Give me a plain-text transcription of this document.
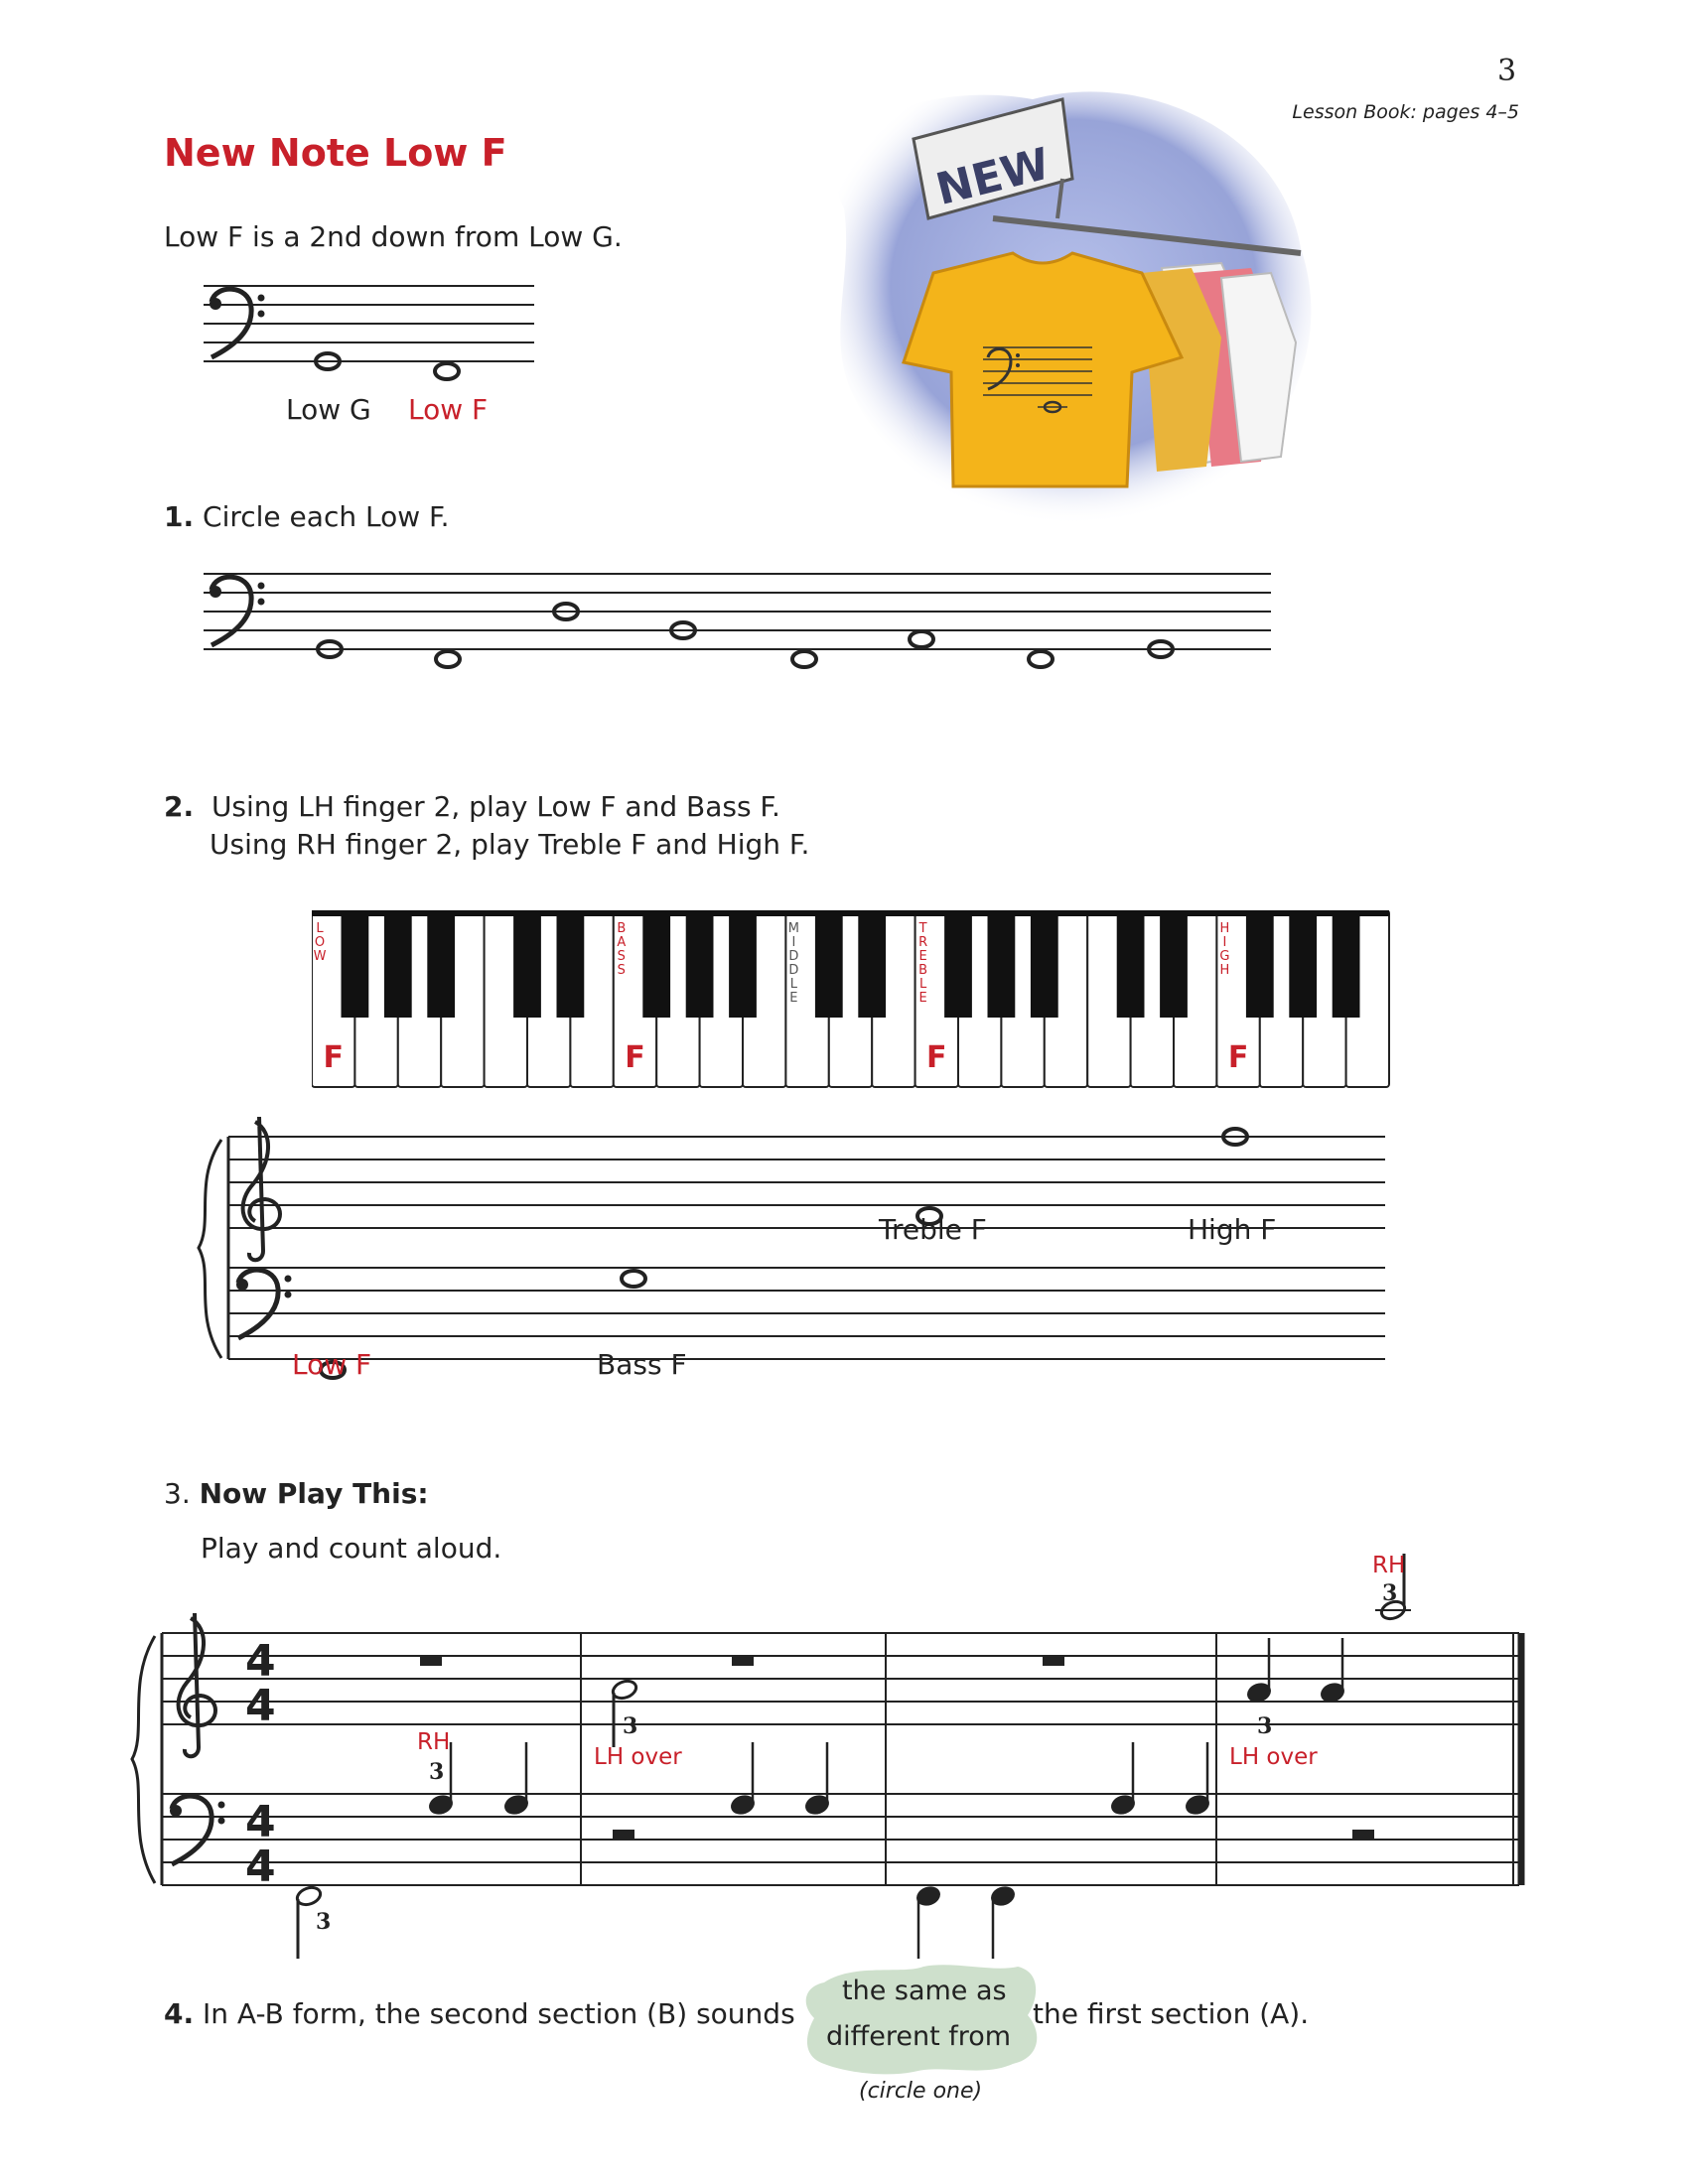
3
Lesson Book: pages 4–5
New Note Low F
Low F is a 2nd down from Low G.
Low G Low F
NEW
1. Circle each Low F.
2. Using LH finger 2, play Low F and Bass F.
Using RH finger 2, play Treble F and High F.
L
O
W
B
A
S
S
M
I
D
D
L
E
T
R
E
B
L
E
H
I
G
H
F	F	F	F
Low F	Bass F
Treble F	High F
3. Now Play This:
Play and count aloud.
4
4
4
4
RH
3
3
3
LH over
3
LH over
RH
3
4. In A-B form, the second section (B) sounds
the same as
different from
the first section (A).
(circle one)
